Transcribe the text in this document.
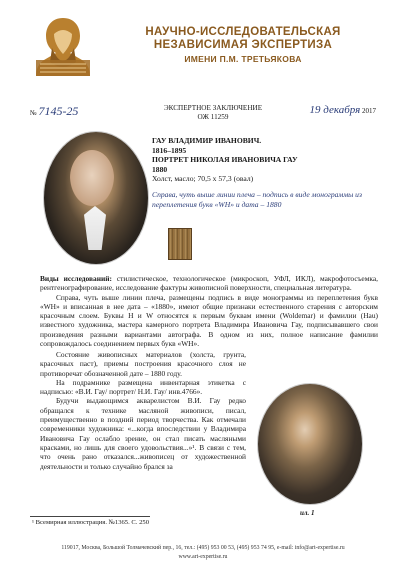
НАУЧНО-ИССЛЕДОВАТЕЛЬСКАЯ
НЕЗАВИСИМАЯ ЭКСПЕРТИЗА
ИМЕНИ П.М. ТРЕТЬЯКОВА
№ 7145-25	ЭКСПЕРТНОЕ ЗАКЛЮЧЕНИЕ
ОЖ 11259
19 декабря 2017
ГАУ ВЛАДИМИР ИВАНОВИЧ.
1816–1895
ПОРТРЕТ НИКОЛАЯ ИВАНОВИЧА ГАУ
1880
Холст, масло; 70,5 х 57,3 (овал)
Справа, чуть выше линии плеча – подпись в виде монограммы из переплетения букв «WH» и дата – 1880

Виды исследований: стилистическое, технологическое (микроскоп, УФЛ, ИКЛ), макрофотосъемка, рентгенографирование, исследование фактуры живописной поверхности, специальная литература.

Справа, чуть выше линии плеча, размещены подпись в виде монограммы из переплетения букв «WH» и вписанная в нее дата – «1880», имеют общие признаки естественного старения с авторским красочным слоем. Буквы H и W относятся к первым буквам имени (Woldemar) и фамилии (Hau) известного художника, мастера камерного портрета Владимира Ивановича Гау, подписывавшего свои произведения разными вариантами автографа. В одном из них, полное написание фамилии сопровождалось соединением первых букв «WH».

Состояние живописных материалов (холста, грунта, красочных паст), приемы построения красочного слоя не противоречат обозначенной дате – 1880 году.

На подрамнике размещена инвентарная этикетка с надписью: «В.И. Гау/ портрет/ Н.И. Гау/ инв.4766».

Будучи выдающимся акварелистом В.И. Гау редко обращался к технике масляной живописи, писал, преимущественно в поздний период творчества. Как отмечали современники художника: «...когда впоследствии у Владимира Ивановича Гау ослабло зрение, он стал писать масляными красками, но лишь для своего удовольствия...»¹. В связи с тем, что очень рано отказался...живописец от художественной деятельности и только случайно брался за

ил. 1
¹ Всемирная иллюстрация. №1365. С. 250
119017, Москва, Большой Толмачевский пер., 16, тел.: (495) 953 00 53, (495) 953 74 95, e-mail: info@art-expertise.ru
www.art-expertise.ru
